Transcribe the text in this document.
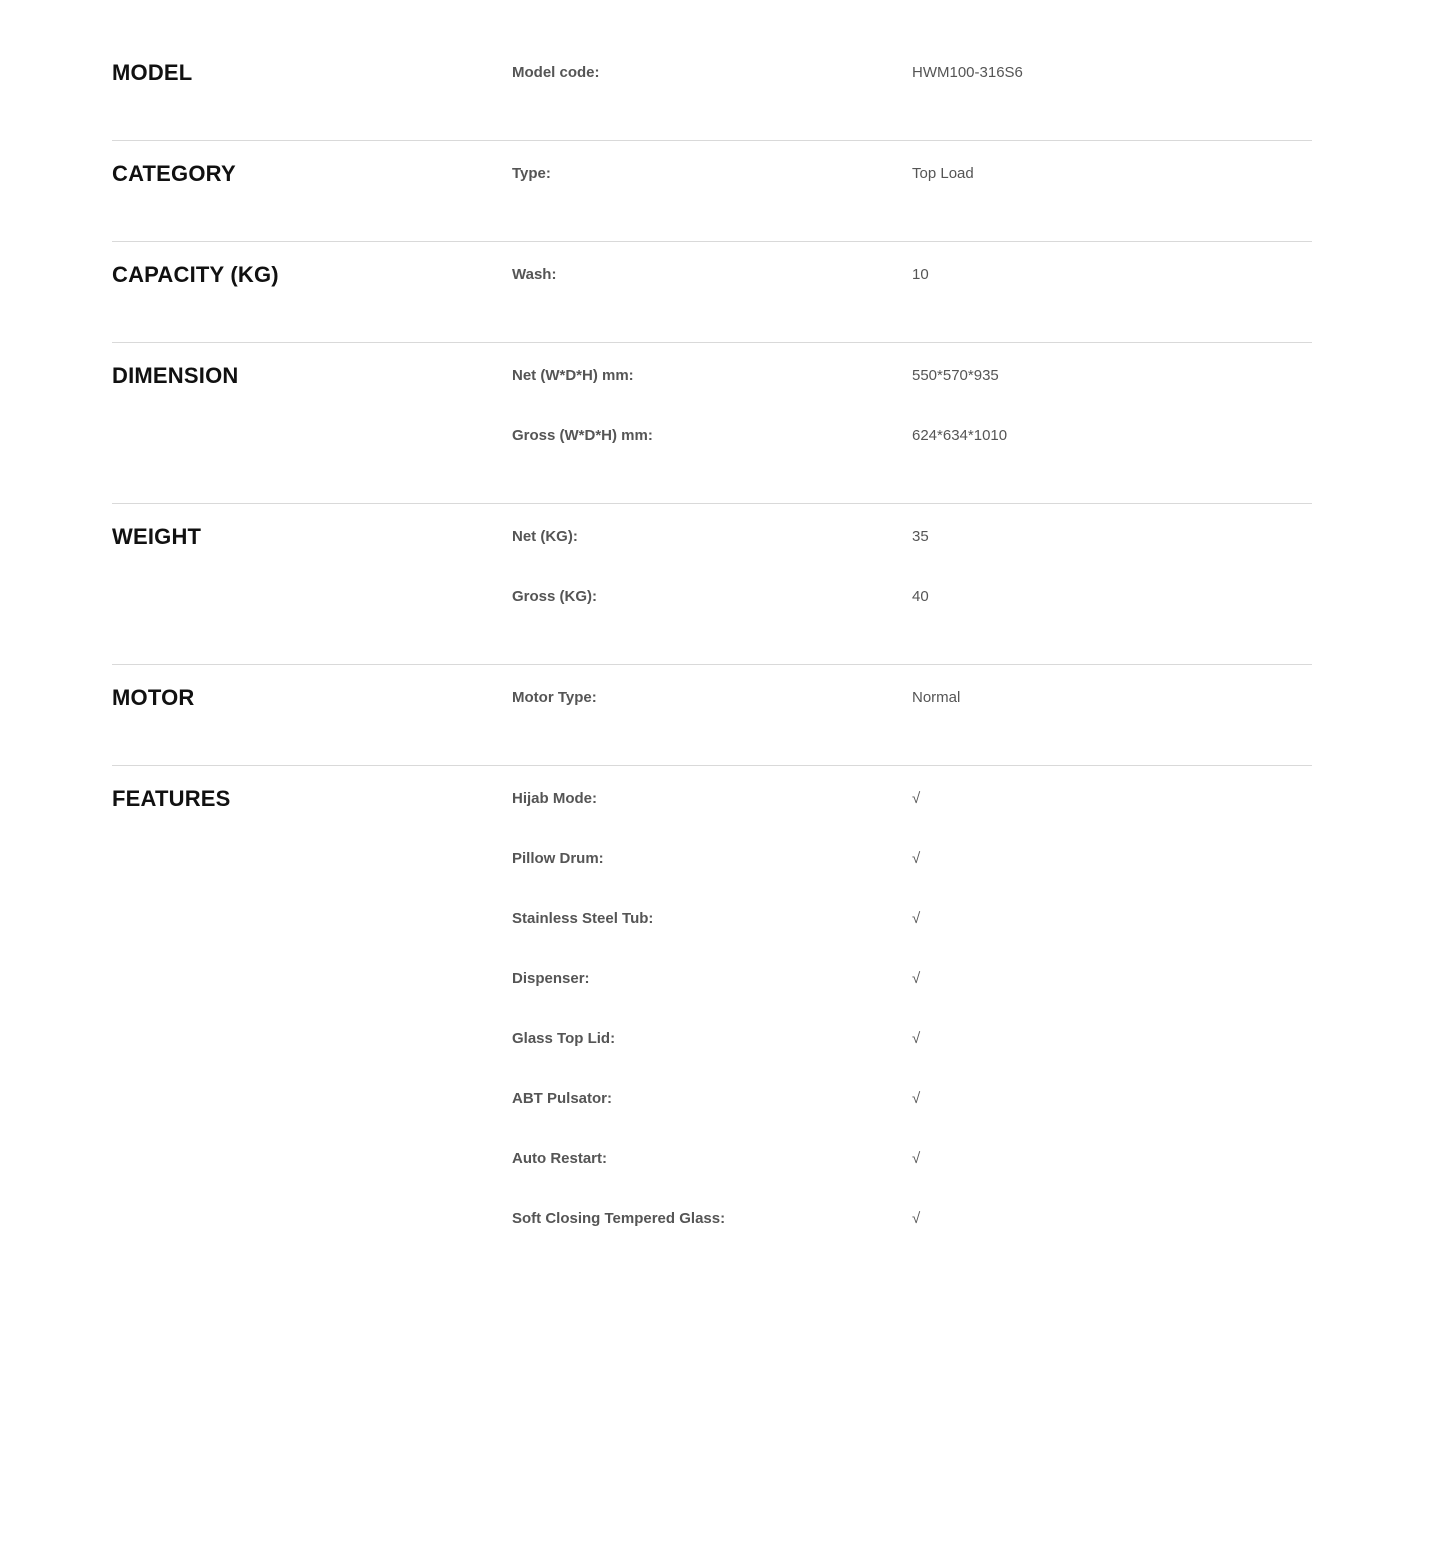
MODEL	Model code:	HWM100-316S6
CATEGORY	Type:	Top Load
CAPACITY (KG)	Wash:	10
DIMENSION	Net (W*D*H) mm:	550*570*935
Gross (W*D*H) mm:	624*634*1010
WEIGHT	Net (KG):	35
Gross (KG):	40
MOTOR	Motor Type:	Normal
FEATURES	Hijab Mode:	√
Pillow Drum:	√
Stainless Steel Tub:	√
Dispenser:	√
Glass Top Lid:	√
ABT Pulsator:	√
Auto Restart:	√
Soft Closing Tempered Glass:	√
